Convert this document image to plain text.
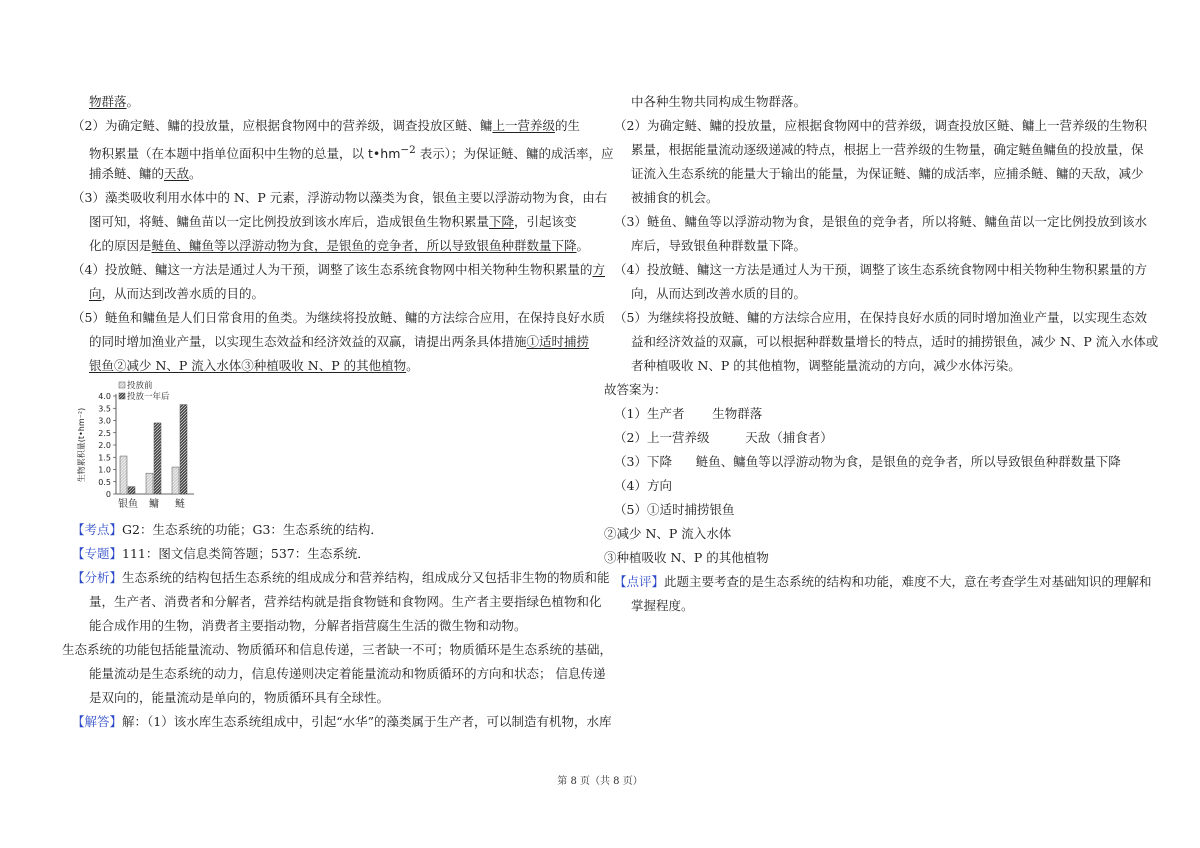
物群落。
（2）为确定鲢、鳙的投放量，应根据食物网中的营养级，调查投放区鲢、鳙上一营养级的生
物积累量（在本题中指单位面积中生物的总量，以 $t•hm^{-2}$ 表示）；为保证鲢、鳙的成活率，应
捕杀鲢、鳙的天敌。
（3）藻类吸收利用水体中的 N、P 元素，浮游动物以藻类为食，银鱼主要以浮游动物为食，由右
图可知，将鲢、鳙鱼苗以一定比例投放到该水库后，造成银鱼生物积累量下降，引起该变
化的原因是鲢鱼、鳙鱼等以浮游动物为食，是银鱼的竞争者，所以导致银鱼种群数量下降。
（4）投放鲢、鳙这一方法是通过人为干预，调整了该生态系统食物网中相关物种生物积累量的方
向，从而达到改善水质的目的。
（5）鲢鱼和鳙鱼是人们日常食用的鱼类。为继续将投放鲢、鳙的方法综合应用，在保持良好水质
的同时增加渔业产量，以实现生态效益和经济效益的双赢，请提出两条具体措施①适时捕捞
银鱼②减少 N、P 流入水体③种植吸收 N、P 的其他植物。
0
0.5
1.0
1.5
2.0
2.5
3.0
3.5
4.0
生物累积量(t•hm⁻²)
银鱼 鳙 鲢
投放前
投放一年后
【考点】G2：生态系统的功能；G3：生态系统的结构．
【专题】111：图文信息类简答题；537：生态系统．
【分析】生态系统的结构包括生态系统的组成成分和营养结构，组成成分又包括非生物的物质和能
量，生产者、消费者和分解者，营养结构就是指食物链和食物网。生产者主要指绿色植物和化
能合成作用的生物，消费者主要指动物，分解者指营腐生生活的微生物和动物。
生态系统的功能包括能量流动、物质循环和信息传递，三者缺一不可；物质循环是生态系统的基础，
能量流动是生态系统的动力，信息传递则决定着能量流动和物质循环的方向和状态； 信息传递
是双向的，能量流动是单向的，物质循环具有全球性。
【解答】解：（1）该水库生态系统组成中，引起“水华”的藻类属于生产者，可以制造有机物，水库
中各种生物共同构成生物群落。
（2）为确定鲢、鳙的投放量，应根据食物网中的营养级，调查投放区鲢、鳙上一营养级的生物积
累量，根据能量流动逐级递减的特点，根据上一营养级的生物量，确定鲢鱼鳙鱼的投放量，保
证流入生态系统的能量大于输出的能量，为保证鲢、鳙的成活率，应捕杀鲢、鳙的天敌，减少
被捕食的机会。
（3）鲢鱼、鳙鱼等以浮游动物为食，是银鱼的竞争者，所以将鲢、鳙鱼苗以一定比例投放到该水
库后，导致银鱼种群数量下降。
（4）投放鲢、鳙这一方法是通过人为干预，调整了该生态系统食物网中相关物种生物积累量的方
向，从而达到改善水质的目的。
（5）为继续将投放鲢、鳙的方法综合应用，在保持良好水质的同时增加渔业产量，以实现生态效
益和经济效益的双赢，可以根据种群数量增长的特点，适时的捕捞银鱼，减少 N、P 流入水体或
者种植吸收 N、P 的其他植物，调整能量流动的方向，减少水体污染。
故答案为：
（1）生产者 生物群落
（2）上一营养级	天敌（捕食者）
（3）下降 鲢鱼、鳙鱼等以浮游动物为食，是银鱼的竞争者，所以导致银鱼种群数量下降
（4）方向
（5）①适时捕捞银鱼
②减少 N、P 流入水体
③种植吸收 N、P 的其他植物
【点评】此题主要考查的是生态系统的结构和功能，难度不大，意在考查学生对基础知识的理解和
掌握程度。
第 8 页（共 8 页）
